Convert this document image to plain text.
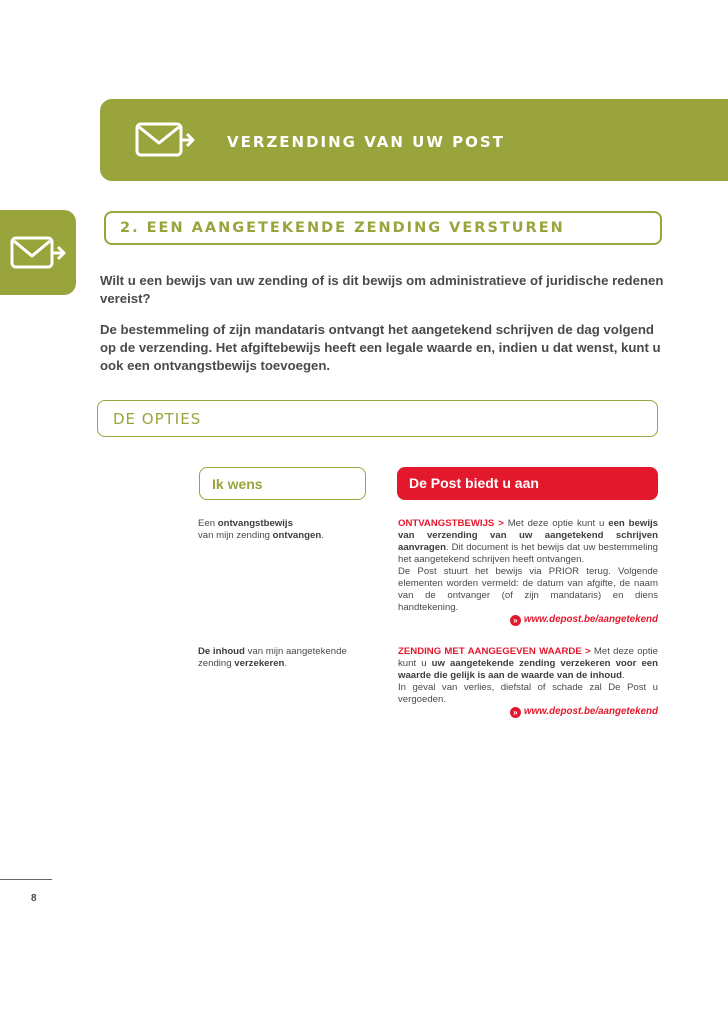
VERZENDING VAN UW POST
2. EEN AANGETEKENDE ZENDING VERSTUREN

Wilt u een bewijs van uw zending of is dit bewijs om administratieve of juridische redenen vereist?

De bestemmeling of zijn mandataris ontvangt het aangetekend schrijven de dag volgend op de verzending. Het afgiftebewijs heeft een legale waarde en, indien u dat wenst, kunt u ook een ontvangstbewijs toevoegen.

DE OPTIES
Ik wens	De Post biedt u aan
Een ontvangstbewijs
van mijn zending ontvangen.
ONTVANGSTBEWIJS > Met deze optie kunt u een bewijs van verzending van uw aangetekend schrijven aanvragen. Dit document is het bewijs dat uw bestemmeling het aangetekend schrijven heeft ontvangen.
De Post stuurt het bewijs via PRIOR terug. Volgende elementen worden vermeld: de datum van afgifte, de naam van de ontvanger (of zijn mandataris) en diens handtekening.
» www.depost.be/aangetekend
De inhoud van mijn aangetekende zending verzekeren.
ZENDING MET AANGEGEVEN WAARDE > Met deze optie kunt u uw aangetekende zending verzekeren voor een waarde die gelijk is aan de waarde van de inhoud.
In geval van verlies, diefstal of schade zal De Post u vergoeden.
» www.depost.be/aangetekend
8
